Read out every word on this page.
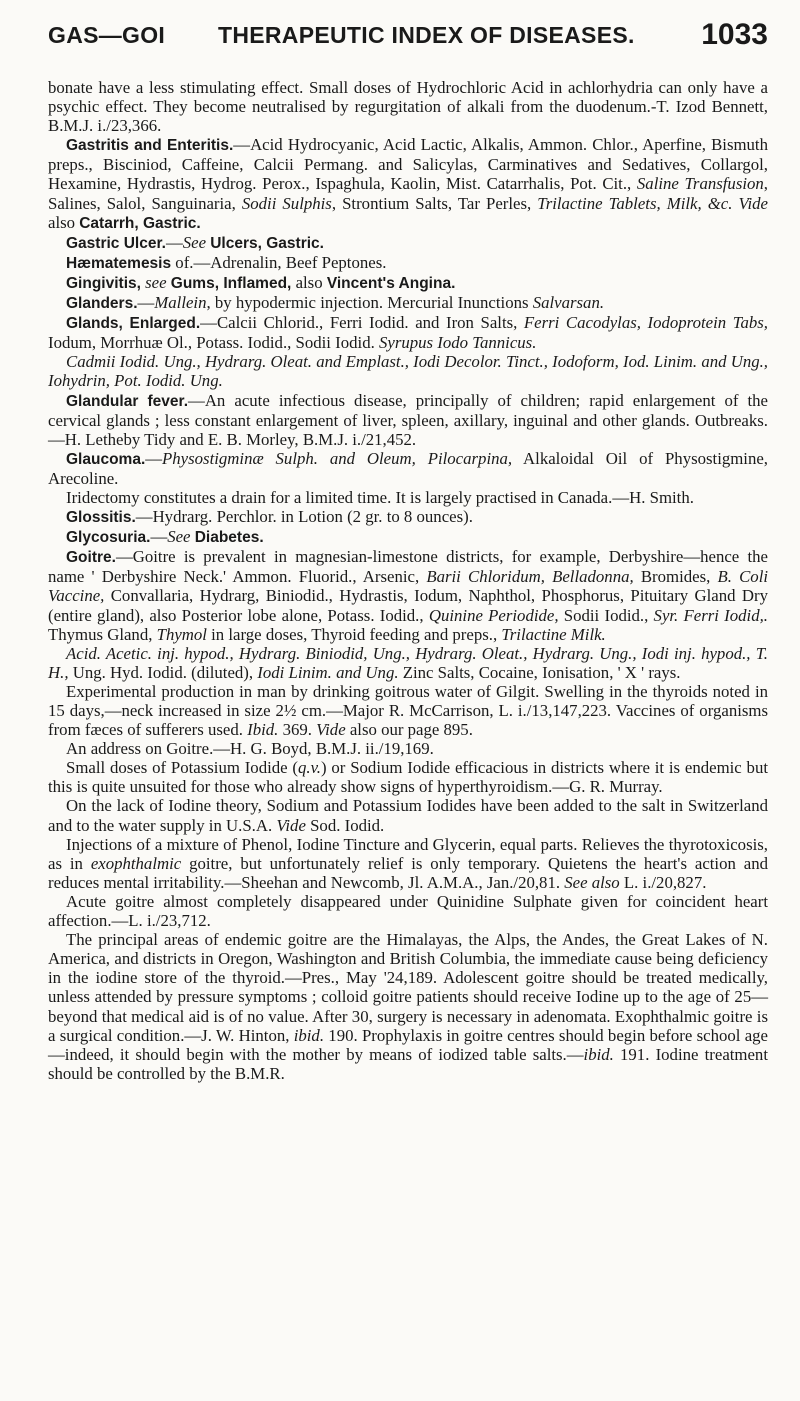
GAS—GOI THERAPEUTIC INDEX OF DISEASES. 1033

bonate have a less stimulating effect. Small doses of Hydrochloric Acid in achlorhydria can only have a psychic effect. They become neutralised by regurgitation of alkali from the duodenum.-T. Izod Bennett, B.M.J. i./23,366.

Gastritis and Enteritis.—Acid Hydrocyanic, Acid Lactic, Alkalis, Ammon. Chlor., Aperfine, Bismuth preps., Bisciniod, Caffeine, Calcii Permang. and Salicylas, Carminatives and Sedatives, Collargol, Hexamine, Hydrastis, Hydrog. Perox., Ispaghula, Kaolin, Mist. Catarrhalis, Pot. Cit., Saline Transfusion, Salines, Salol, Sanguinaria, Sodii Sulphis, Strontium Salts, Tar Perles, Trilactine Tablets, Milk, &c. Vide also Catarrh, Gastric.

Gastric Ulcer.—See Ulcers, Gastric.

Hæmatemesis of.—Adrenalin, Beef Peptones.

Gingivitis, see Gums, Inflamed, also Vincent's Angina.

Glanders.—Mallein, by hypodermic injection. Mercurial Inunctions Salvarsan.

Glands, Enlarged.—Calcii Chlorid., Ferri Iodid. and Iron Salts, Ferri Cacodylas, Iodoprotein Tabs, Iodum, Morrhuæ Ol., Potass. Iodid., Sodii Iodid. Syrupus Iodo Tannicus.

Cadmii Iodid. Ung., Hydrarg. Oleat. and Emplast., Iodi Decolor. Tinct., Iodoform, Iod. Linim. and Ung., Iohydrin, Pot. Iodid. Ung.

Glandular fever.—An acute infectious disease, principally of children; rapid enlargement of the cervical glands ; less constant enlargement of liver, spleen, axillary, inguinal and other glands. Outbreaks.—H. Letheby Tidy and E. B. Morley, B.M.J. i./21,452.

Glaucoma.—Physostigminæ Sulph. and Oleum, Pilocarpina, Alkaloidal Oil of Physostigmine, Arecoline.

Iridectomy constitutes a drain for a limited time. It is largely practised in Canada.—H. Smith.

Glossitis.—Hydrarg. Perchlor. in Lotion (2 gr. to 8 ounces).

Glycosuria.—See Diabetes.

Goitre.—Goitre is prevalent in magnesian-limestone districts, for example, Derbyshire—hence the name ' Derbyshire Neck.' Ammon. Fluorid., Arsenic, Barii Chloridum, Belladonna, Bromides, B. Coli Vaccine, Convallaria, Hydrarg, Biniodid., Hydrastis, Iodum, Naphthol, Phosphorus, Pituitary Gland Dry (entire gland), also Posterior lobe alone, Potass. Iodid., Quinine Periodide, Sodii Iodid., Syr. Ferri Iodid,. Thymus Gland, Thymol in large doses, Thyroid feeding and preps., Trilactine Milk.

Acid. Acetic. inj. hypod., Hydrarg. Biniodid, Ung., Hydrarg. Oleat., Hydrarg. Ung., Iodi inj. hypod., T. H., Ung. Hyd. Iodid. (diluted), Iodi Linim. and Ung. Zinc Salts, Cocaine, Ionisation, ' X ' rays.

Experimental production in man by drinking goitrous water of Gilgit. Swelling in the thyroids noted in 15 days,—neck increased in size 2½ cm.—Major R. McCarrison, L. i./13,147,223. Vaccines of organisms from fæces of sufferers used. Ibid. 369. Vide also our page 895.

An address on Goitre.—H. G. Boyd, B.M.J. ii./19,169.

Small doses of Potassium Iodide (q.v.) or Sodium Iodide efficacious in districts where it is endemic but this is quite unsuited for those who already show signs of hyperthyroidism.—G. R. Murray.

On the lack of Iodine theory, Sodium and Potassium Iodides have been added to the salt in Switzerland and to the water supply in U.S.A. Vide Sod. Iodid.

Injections of a mixture of Phenol, Iodine Tincture and Glycerin, equal parts. Relieves the thyrotoxicosis, as in exophthalmic goitre, but unfortunately relief is only temporary. Quietens the heart's action and reduces mental irritability.—Sheehan and Newcomb, Jl. A.M.A., Jan./20,81. See also L. i./20,827.

Acute goitre almost completely disappeared under Quinidine Sulphate given for coincident heart affection.—L. i./23,712.

The principal areas of endemic goitre are the Himalayas, the Alps, the Andes, the Great Lakes of N. America, and districts in Oregon, Washington and British Columbia, the immediate cause being deficiency in the iodine store of the thyroid.—Pres., May '24,189. Adolescent goitre should be treated medically, unless attended by pressure symptoms ; colloid goitre patients should receive Iodine up to the age of 25—beyond that medical aid is of no value. After 30, surgery is necessary in adenomata. Exophthalmic goitre is a surgical condition.—J. W. Hinton, ibid. 190. Prophylaxis in goitre centres should begin before school age—indeed, it should begin with the mother by means of iodized table salts.—ibid. 191. Iodine treatment should be controlled by the B.M.R.
